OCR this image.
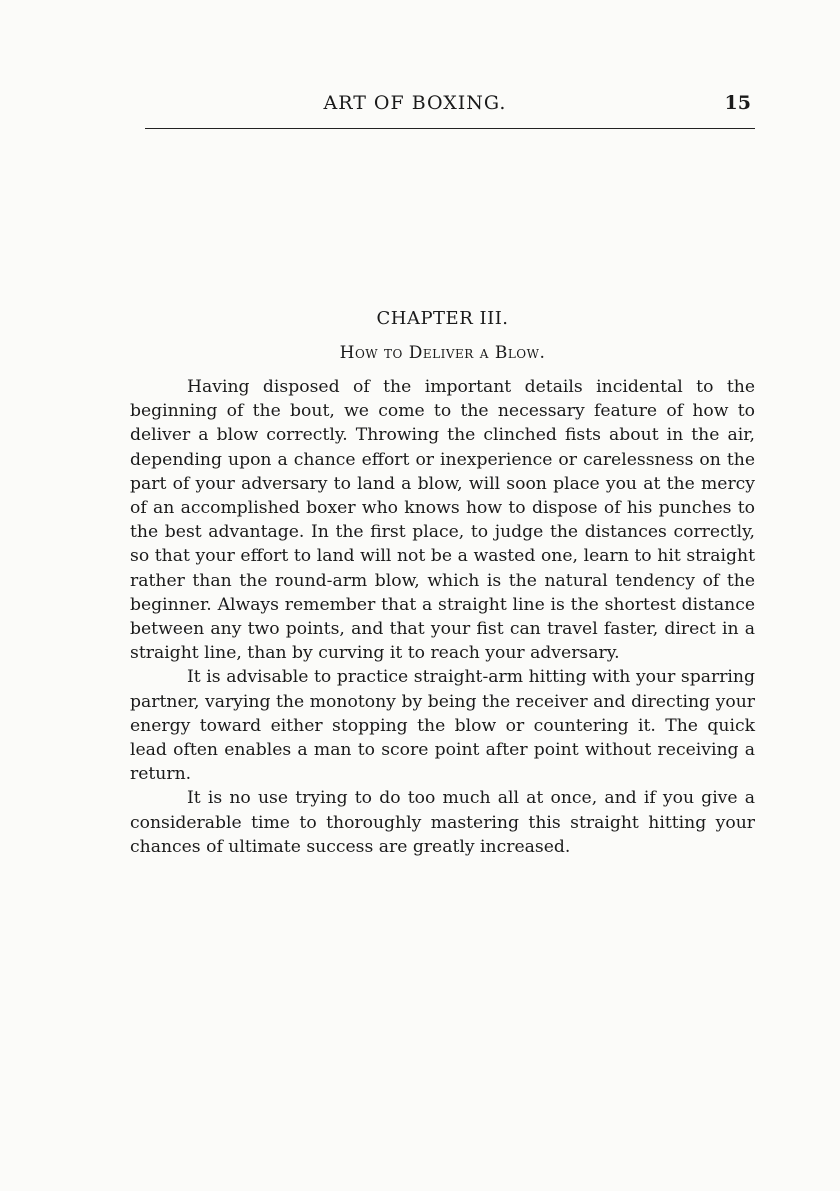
ART OF BOXING.	15
CHAPTER III.
How to Deliver a Blow.

Having disposed of the important details incidental to the beginning of the bout, we come to the necessary feature of how to deliver a blow correctly. Throwing the clinched fists about in the air, depending upon a chance effort or inexperience or carelessness on the part of your adversary to land a blow, will soon place you at the mercy of an accomplished boxer who knows how to dispose of his punches to the best advantage. In the first place, to judge the distances correctly, so that your effort to land will not be a wasted one, learn to hit straight rather than the round-arm blow, which is the natural tendency of the beginner. Always remember that a straight line is the shortest distance between any two points, and that your fist can travel faster, direct in a straight line, than by curving it to reach your adversary.

It is advisable to practice straight-arm hitting with your sparring partner, varying the monotony by being the receiver and directing your energy toward either stopping the blow or countering it. The quick lead often enables a man to score point after point without receiving a return.

It is no use trying to do too much all at once, and if you give a considerable time to thoroughly mastering this straight hitting your chances of ultimate success are greatly increased.
